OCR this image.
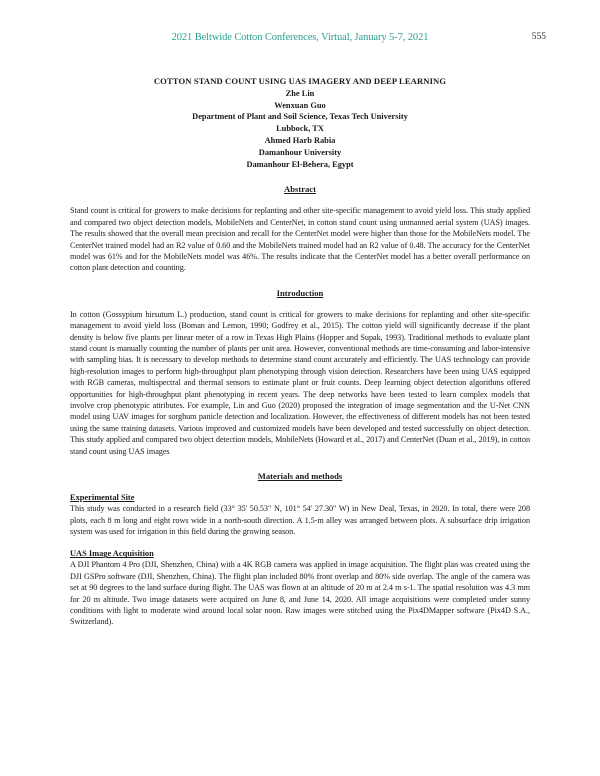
2021 Beltwide Cotton Conferences, Virtual, January 5-7, 2021	555
COTTON STAND COUNT USING UAS IMAGERY AND DEEP LEARNING
Zhe Lin
Wenxuan Guo
Department of Plant and Soil Science, Texas Tech University
Lubbock, TX
Ahmed Harb Rabia
Damanhour University
Damanhour El-Behera, Egypt
Abstract

Stand count is critical for growers to make decisions for replanting and other site-specific management to avoid yield loss. This study applied and compared two object detection models, MobileNets and CenterNet, in cotton stand count using unmanned aerial system (UAS) images. The results showed that the overall mean precision and recall for the CenterNet model were higher than those for the MobileNets model. The CenterNet trained model had an R2 value of 0.60 and the MobileNets trained model had an R2 value of 0.48. The accuracy for the CenterNet model was 61% and for the MobileNets model was 46%. The results indicate that the CenterNet model has a better overall performance on cotton plant detection and counting.

Introduction

In cotton (Gossypium hirsutum L.) production, stand count is critical for growers to make decisions for replanting and other site-specific management to avoid yield loss (Boman and Lemon, 1990; Godfrey et al., 2015). The cotton yield will significantly decrease if the plant density is below five plants per linear meter of a row in Texas High Plains (Hopper and Supak, 1993). Traditional methods to evaluate plant stand count is manually counting the number of plants per unit area. However, conventional methods are time-consuming and labor-intensive with sampling bias. It is necessary to develop methods to determine stand count accurately and efficiently. The UAS technology can provide high-resolution images to perform high-throughput plant phenotyping through vision detection. Researchers have been using UAS equipped with RGB cameras, multispectral and thermal sensors to estimate plant or fruit counts. Deep learning object detection algorithms offered opportunities for high-throughput plant phenotyping in recent years. The deep networks have been tested to learn complex models that involve crop phenotypic attributes. For example, Lin and Guo (2020) proposed the integration of image segmentation and the U-Net CNN model using UAV images for sorghum panicle detection and localization. However, the effectiveness of different models has not been tested using the same training datasets. Various improved and customized models have been developed and tested successfully on object detection. This study applied and compared two object detection models, MobileNets (Howard et al., 2017) and CenterNet (Duan et al., 2019), in cotton stand count using UAS images

Materials and methods
Experimental Site

This study was conducted in a research field (33° 35' 50.53" N, 101° 54' 27.30" W) in New Deal, Texas, in 2020. In total, there were 208 plots, each 8 m long and eight rows wide in a north-south direction. A 1.5-m alley was arranged between plots. A subsurface drip irrigation system was used for irrigation in this field during the growing season.

UAS Image Acquisition

A DJI Phantom 4 Pro (DJI, Shenzhen, China) with a 4K RGB camera was applied in image acquisition. The flight plan was created using the DJI GSPro software (DJI, Shenzhen, China). The flight plan included 80% front overlap and 80% side overlap. The angle of the camera was set at 90 degrees to the land surface during flight. The UAS was flown at an altitude of 20 m at 2.4 m s-1. The spatial resolution was 4.3 mm for 20 m altitude. Two image datasets were acquired on June 8, and June 14, 2020. All image acquisitions were completed under sunny conditions with light to moderate wind around local solar noon. Raw images were stitched using the Pix4DMapper software (Pix4D S.A., Switzerland).
